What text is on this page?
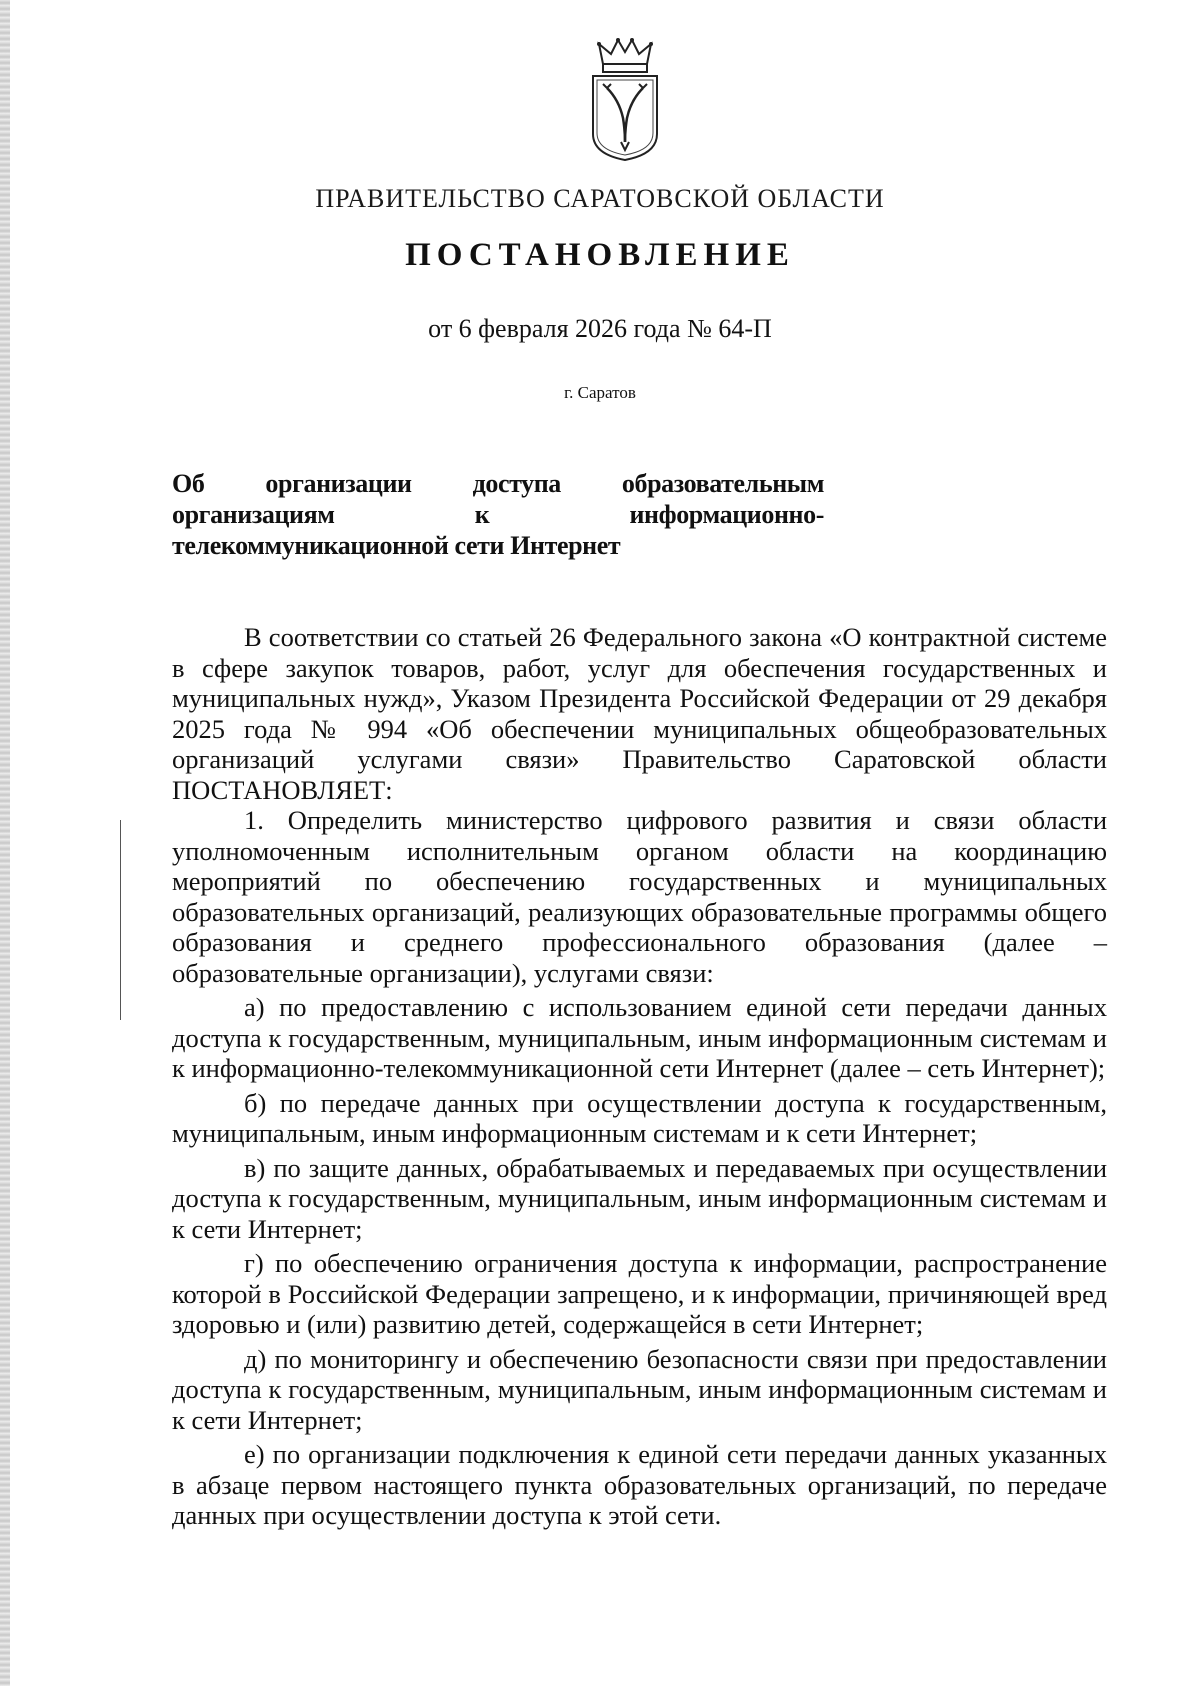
ПРАВИТЕЛЬСТВО САРАТОВСКОЙ ОБЛАСТИ
ПОСТАНОВЛЕНИЕ
от 6 февраля 2026 года № 64-П
г. Саратов
Об организации доступа образовательным организациям к информационно-телекоммуникационной сети Интернет

В соответствии со статьей 26 Федерального закона «О контрактной системе в сфере закупок товаров, работ, услуг для обеспечения государственных и муниципальных нужд», Указом Президента Российской Федерации от 29 декабря 2025 года № 994 «Об обеспечении муниципальных общеобразовательных организаций услугами связи» Правительство Саратовской области ПОСТАНОВЛЯЕТ:

1. Определить министерство цифрового развития и связи области уполномоченным исполнительным органом области на координацию мероприятий по обеспечению государственных и муниципальных образовательных организаций, реализующих образовательные программы общего образования и среднего профессионального образования (далее – образовательные организации), услугами связи:

а) по предоставлению с использованием единой сети передачи данных доступа к государственным, муниципальным, иным информационным системам и к информационно-телекоммуникационной сети Интернет (далее – сеть Интернет);

б) по передаче данных при осуществлении доступа к государственным, муниципальным, иным информационным системам и к сети Интернет;

в) по защите данных, обрабатываемых и передаваемых при осуществлении доступа к государственным, муниципальным, иным информационным системам и к сети Интернет;

г) по обеспечению ограничения доступа к информации, распространение которой в Российской Федерации запрещено, и к информации, причиняющей вред здоровью и (или) развитию детей, содержащейся в сети Интернет;

д) по мониторингу и обеспечению безопасности связи при предоставлении доступа к государственным, муниципальным, иным информационным системам и к сети Интернет;

е) по организации подключения к единой сети передачи данных указанных в абзаце первом настоящего пункта образовательных организаций, по передаче данных при осуществлении доступа к этой сети.
